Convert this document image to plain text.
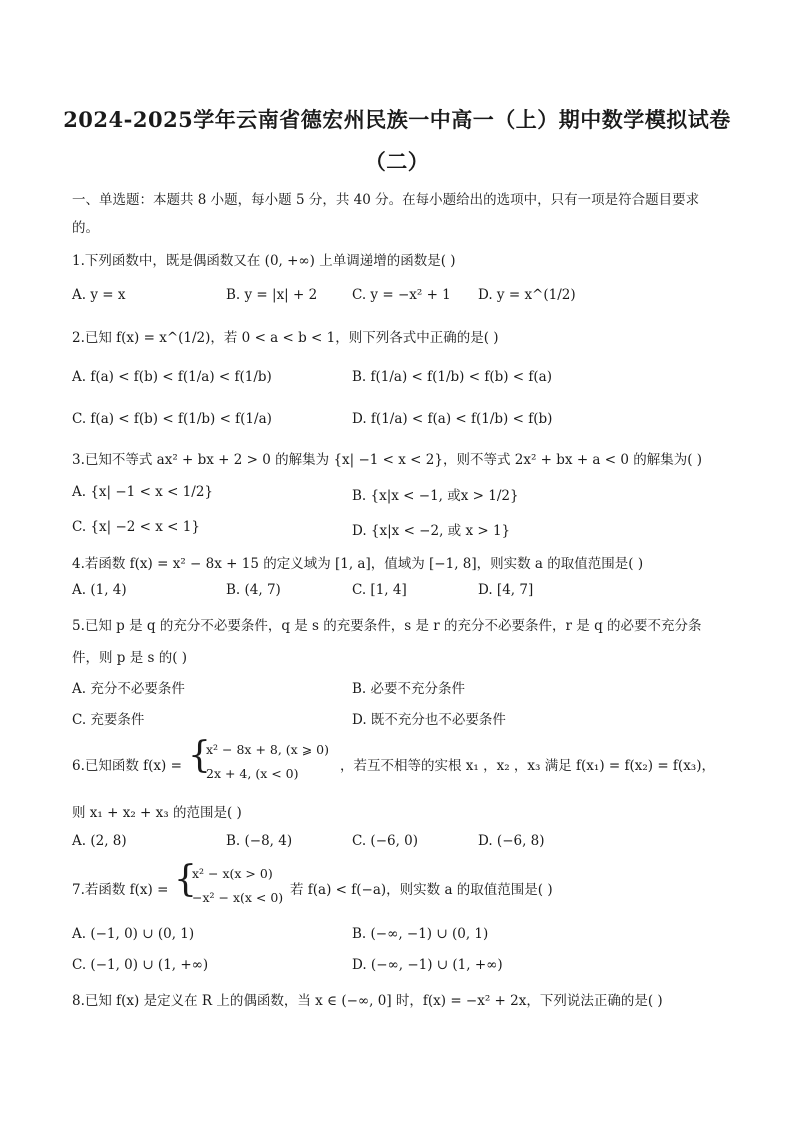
2024-2025学年云南省德宏州民族一中高一（上）期中数学模拟试卷
（二）
一、单选题：本题共 8 小题，每小题 5 分，共 40 分。在每小题给出的选项中，只有一项是符合题目要求
的。
1.下列函数中，既是偶函数又在 (0, +∞) 上单调递增的函数是( )
A. y = x	B. y = |x| + 2	C. y = −x² + 1 D. y = x^(1/2)
2.已知 f(x) = x^(1/2)，若 0 < a < b < 1，则下列各式中正确的是( )
A. f(a) < f(b) < f(1/a) < f(1/b)	B. f(1/a) < f(1/b) < f(b) < f(a)
C. f(a) < f(b) < f(1/b) < f(1/a)	D. f(1/a) < f(a) < f(1/b) < f(b)
3.已知不等式 ax² + bx + 2 > 0 的解集为 {x| −1 < x < 2}，则不等式 2x² + bx + a < 0 的解集为( )
A. {x| −1 < x < 1/2}	B. {x|x < −1, 或x > 1/2}
C. {x| −2 < x < 1}	D. {x|x < −2, 或 x > 1}
4.若函数 f(x) = x² − 8x + 15 的定义域为 [1, a]，值域为 [−1, 8]，则实数 a 的取值范围是( )
A. (1, 4)	B. (4, 7)	C. [1, 4]	D. [4, 7]
5.已知 p 是 q 的充分不必要条件，q 是 s 的充要条件，s 是 r 的充分不必要条件，r 是 q 的必要不充分条
件，则 p 是 s 的( )
A. 充分不必要条件	B. 必要不充分条件
C. 充要条件	D. 既不充分也不必要条件
6.已知函数 f(x) = {
x² − 8x + 8, (x ⩾ 0)
2x + 4, (x < 0)	，若互不相等的实根 x₁ ，x₂ ，x₃ 满足 f(x₁) = f(x₂) = f(x₃)，
则 x₁ + x₂ + x₃ 的范围是( )
A. (2, 8)	B. (−8, 4)	C. (−6, 0)	D. (−6, 8)
7.若函数 f(x) = {
x² − x(x > 0)
−x² − x(x < 0) 若 f(a) < f(−a)，则实数 a 的取值范围是( )
A. (−1, 0) ∪ (0, 1)	B. (−∞, −1) ∪ (0, 1)
C. (−1, 0) ∪ (1, +∞)	D. (−∞, −1) ∪ (1, +∞)
8.已知 f(x) 是定义在 R 上的偶函数，当 x ∈ (−∞, 0] 时，f(x) = −x² + 2x，下列说法正确的是( )
